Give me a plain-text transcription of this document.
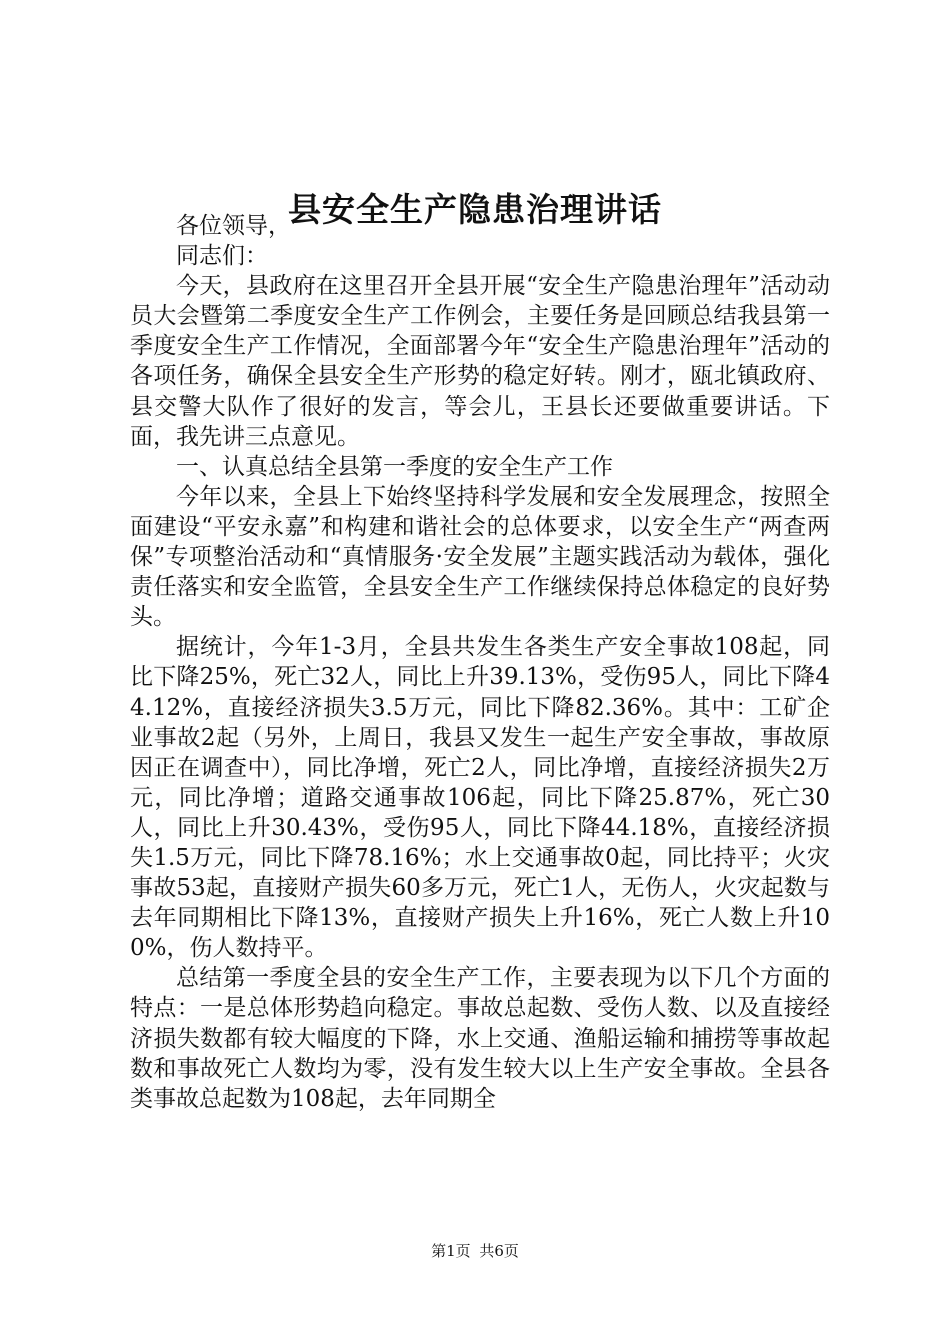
县安全生产隐患治理讲话

各位领导，

同志们：

今天，县政府在这里召开全县开展“安全生产隐患治理年”活动动员大会暨第二季度安全生产工作例会，主要任务是回顾总结我县第一季度安全生产工作情况，全面部署今年“安全生产隐患治理年”活动的各项任务，确保全县安全生产形势的稳定好转。刚才，瓯北镇政府、县交警大队作了很好的发言，等会儿，王县长还要做重要讲话。下面，我先讲三点意见。

一、认真总结全县第一季度的安全生产工作

今年以来，全县上下始终坚持科学发展和安全发展理念，按照全面建设“平安永嘉”和构建和谐社会的总体要求，以安全生产“两查两保”专项整治活动和“真情服务·安全发展”主题实践活动为载体，强化责任落实和安全监管，全县安全生产工作继续保持总体稳定的良好势头。

据统计，今年1-3月，全县共发生各类生产安全事故108起，同比下降25%，死亡32人，同比上升39.13%，受伤95人，同比下降44.12%，直接经济损失3.5万元，同比下降82.36%。其中：工矿企业事故2起（另外，上周日，我县又发生一起生产安全事故，事故原因正在调查中），同比净增，死亡2人，同比净增，直接经济损失2万元，同比净增；道路交通事故106起，同比下降25.87%，死亡30人，同比上升30.43%，受伤95人，同比下降44.18%，直接经济损失1.5万元，同比下降78.16%；水上交通事故0起，同比持平；火灾事故53起，直接财产损失60多万元，死亡1人，无伤人，火灾起数与去年同期相比下降13%，直接财产损失上升16%，死亡人数上升100%，伤人数持平。

总结第一季度全县的安全生产工作，主要表现为以下几个方面的特点：一是总体形势趋向稳定。事故总起数、受伤人数、以及直接经济损失数都有较大幅度的下降，水上交通、渔船运输和捕捞等事故起数和事故死亡人数均为零，没有发生较大以上生产安全事故。全县各类事故总起数为108起，去年同期全

第1页 共6页
